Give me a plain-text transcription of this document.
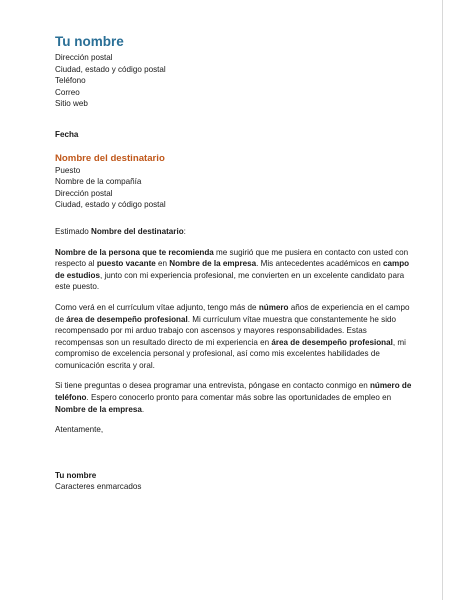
Tu nombre
Dirección postal
Ciudad, estado y código postal
Teléfono
Correo
Sitio web
Fecha
Nombre del destinatario
Puesto
Nombre de la compañía
Dirección postal
Ciudad, estado y código postal

Estimado Nombre del destinatario:

Nombre de la persona que te recomienda me sugirió que me pusiera en contacto con usted con respecto al puesto vacante en Nombre de la empresa. Mis antecedentes académicos en campo de estudios, junto con mi experiencia profesional, me convierten en un excelente candidato para este puesto.

Como verá en el currículum vítae adjunto, tengo más de número años de experiencia en el campo de área de desempeño profesional. Mi currículum vítae muestra que constantemente he sido recompensado por mi arduo trabajo con ascensos y mayores responsabilidades. Estas recompensas son un resultado directo de mi experiencia en área de desempeño profesional, mi compromiso de excelencia personal y profesional, así como mis excelentes habilidades de comunicación escrita y oral.

Si tiene preguntas o desea programar una entrevista, póngase en contacto conmigo en número de teléfono. Espero conocerlo pronto para comentar más sobre las oportunidades de empleo en Nombre de la empresa.

Atentamente,

Tu nombre
Caracteres enmarcados
